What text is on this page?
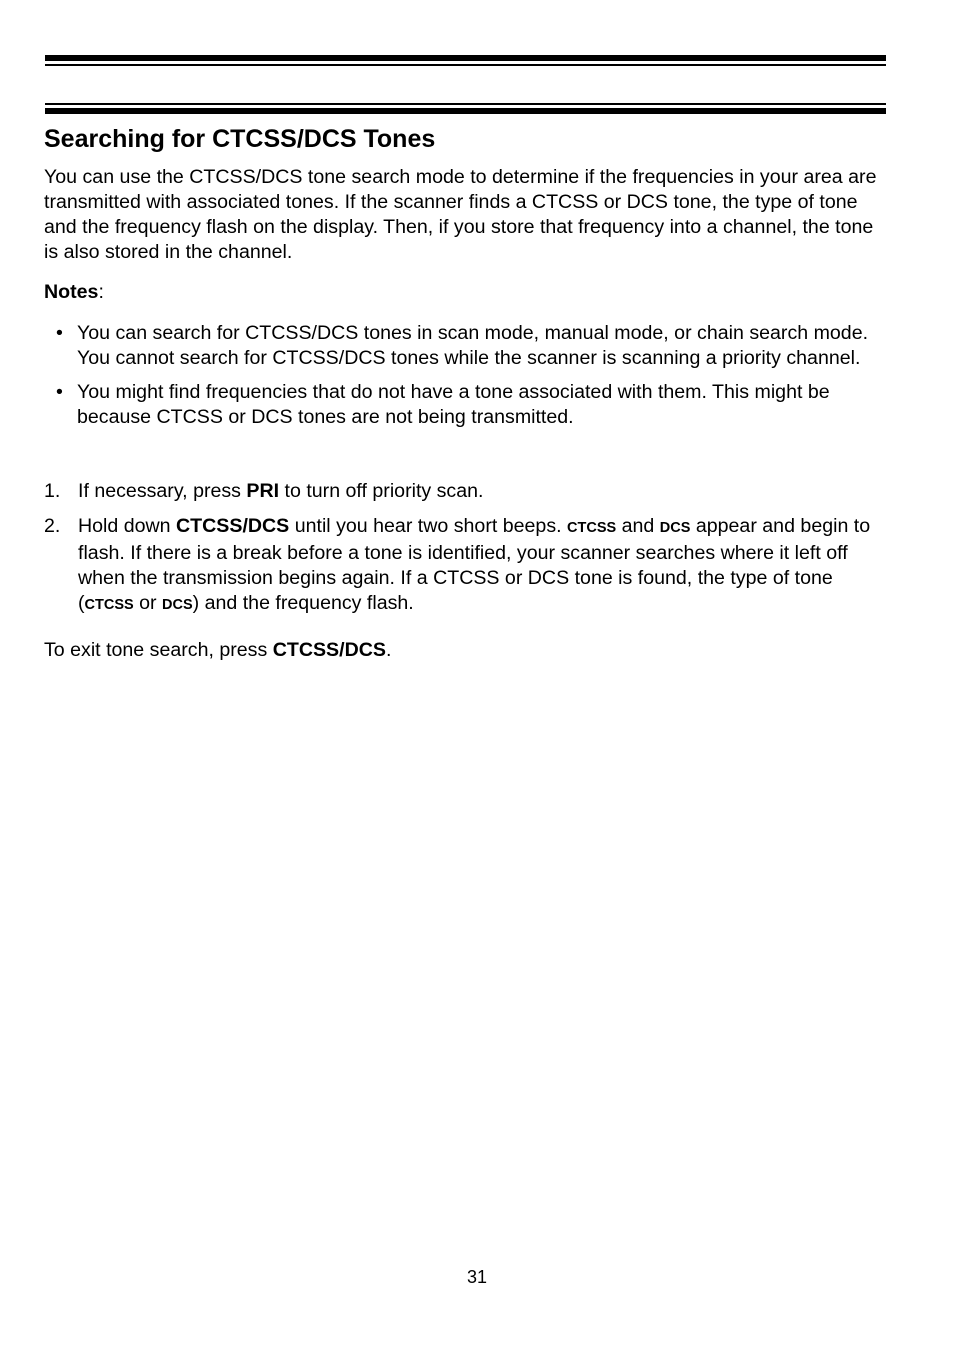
Searching for CTCSS/DCS Tones

You can use the CTCSS/DCS tone search mode to determine if the frequencies in your area are transmitted with associated tones. If the scanner finds a CTCSS or DCS tone, the type of tone and the frequency flash on the display. Then, if you store that frequency into a channel, the tone is also stored in the channel.

Notes:

• You can search for CTCSS/DCS tones in scan mode, manual mode, or chain search mode. You cannot search for CTCSS/DCS tones while the scanner is scanning a priority channel.
• You might find frequencies that do not have a tone associated with them. This might be because CTCSS or DCS tones are not being transmitted.
1. If necessary, press PRI to turn off priority scan.
2. Hold down CTCSS/DCS until you hear two short beeps. CTCSS and DCS appear and begin to flash. If there is a break before a tone is identified, your scanner searches where it left off when the transmission begins again. If a CTCSS or DCS tone is found, the type of tone (CTCSS or DCS) and the frequency flash.

To exit tone search, press CTCSS/DCS.

31
